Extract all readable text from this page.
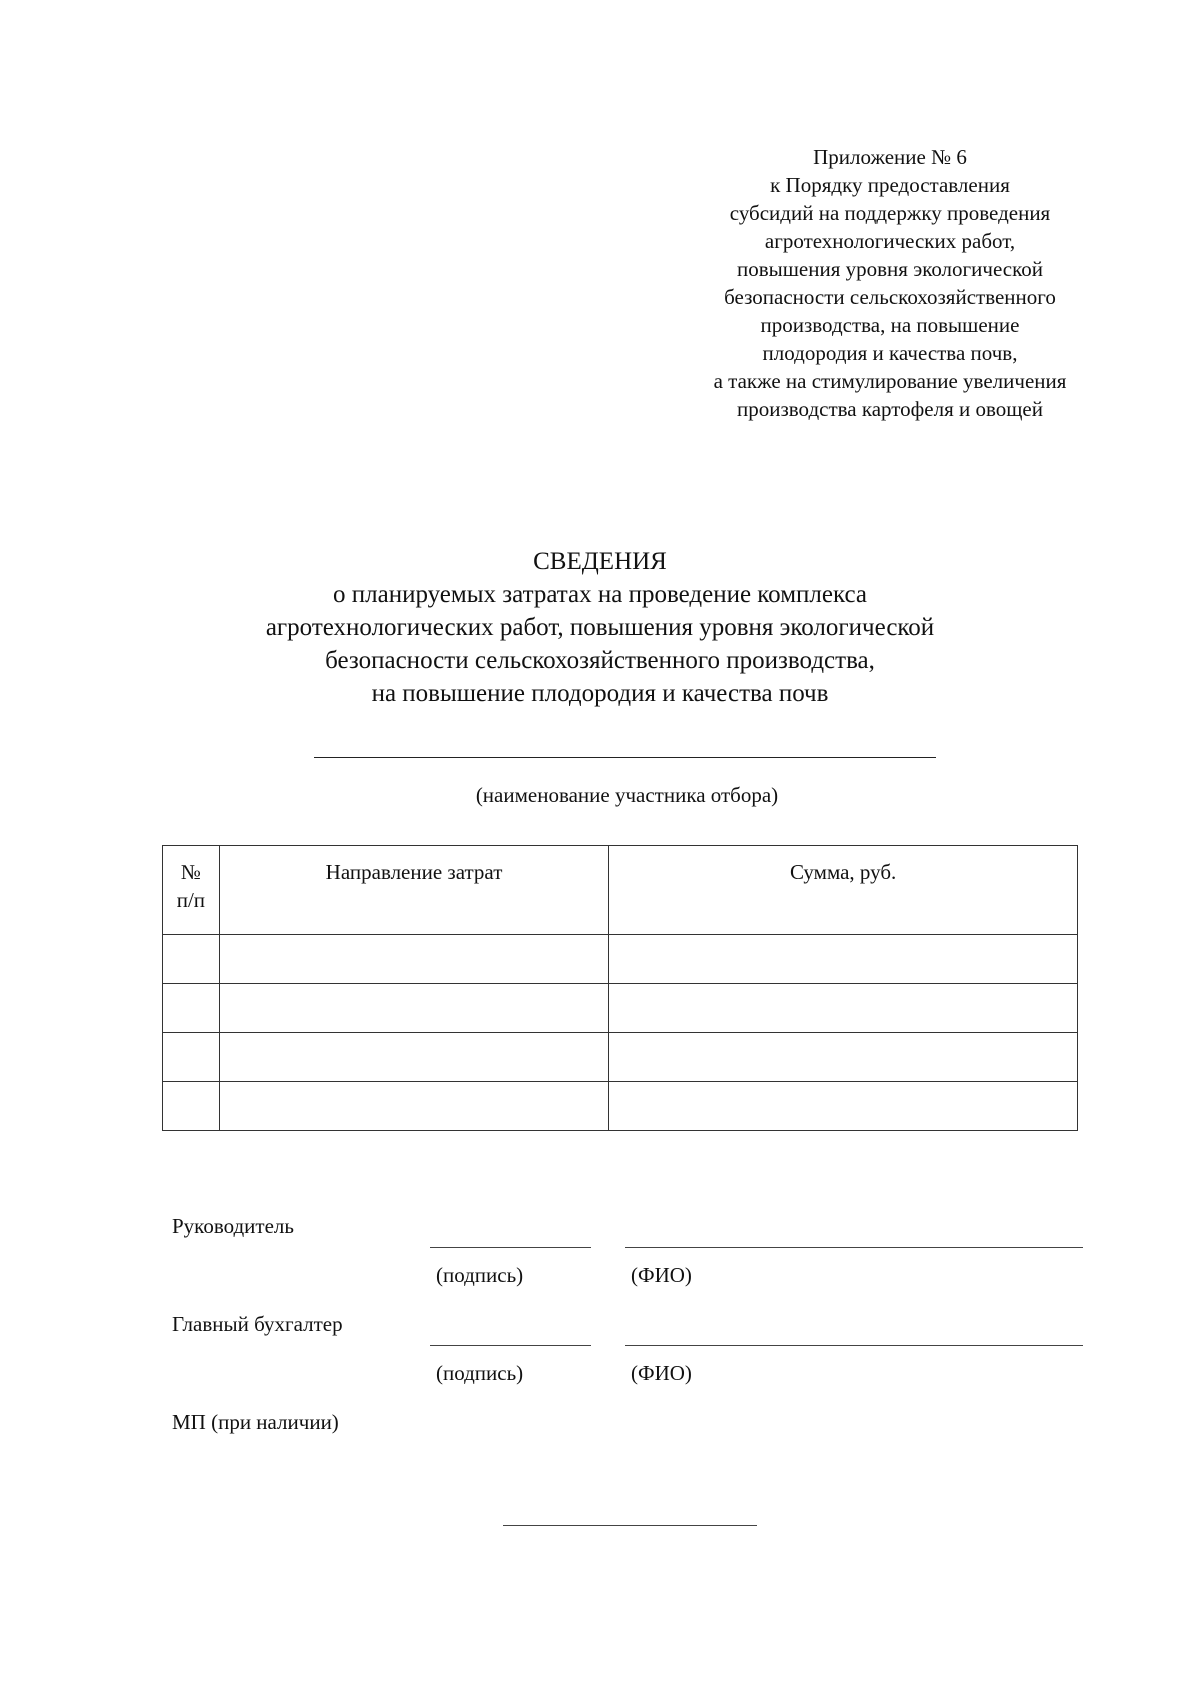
Приложение № 6
к Порядку предоставления
субсидий на поддержку проведения
агротехнологических работ,
повышения уровня экологической
безопасности сельскохозяйственного
производства, на повышение
плодородия и качества почв,
а также на стимулирование увеличения
производства картофеля и овощей
СВЕДЕНИЯ
о планируемых затратах на проведение комплекса
агротехнологических работ, повышения уровня экологической
безопасности сельскохозяйственного производства,
на повышение плодородия и качества почв
(наименование участника отбора)
№
п/п	Направление затрат	Сумма, руб.

Руководитель
(подпись)	(ФИО)
Главный бухгалтер
(подпись)	(ФИО)
МП (при наличии)
